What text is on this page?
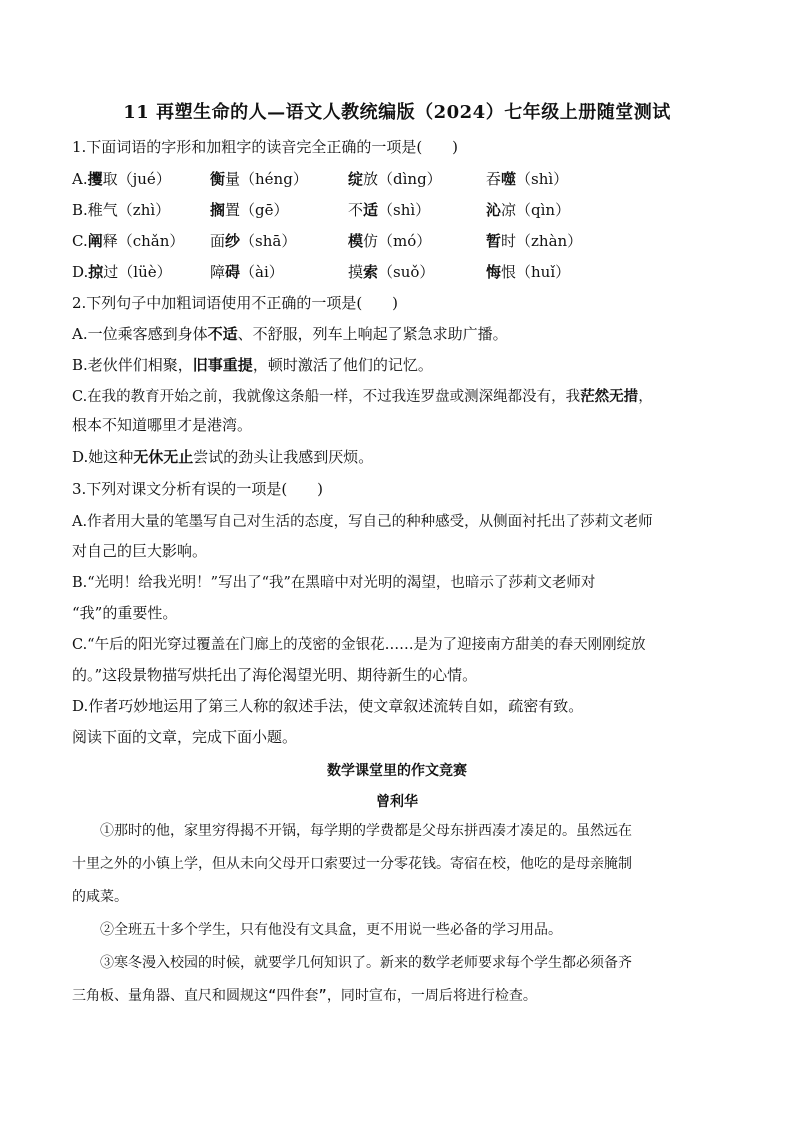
11 再塑生命的人—语文人教统编版（2024）七年级上册随堂测试
1.下面词语的字形和加粗字的读音完全正确的一项是(　　)
A.攫取（jué）	衡量（héng）	绽放（dìng）	吞噬（shì）
B.稚气（zhì）	搁置（gē）	不适（shì）	沁凉（qìn）
C.阐释（chǎn） 面纱（shā）	模仿（mó）	暂时（zhàn）
D.掠过（lüè）	障碍（ài）	摸索（suǒ）	悔恨（huǐ）
2.下列句子中加粗词语使用不正确的一项是(　　)
A.一位乘客感到身体不适、不舒服，列车上响起了紧急求助广播。
B.老伙伴们相聚，旧事重提，顿时激活了他们的记忆。
C.在我的教育开始之前，我就像这条船一样，不过我连罗盘或测深绳都没有，我茫然无措，
根本不知道哪里才是港湾。
D.她这种无休无止尝试的劲头让我感到厌烦。
3.下列对课文分析有误的一项是(　　)
A.作者用大量的笔墨写自己对生活的态度，写自己的种种感受，从侧面衬托出了莎莉文老师
对自己的巨大影响。
B.“光明！给我光明！”写出了“我”在黑暗中对光明的渴望，也暗示了莎莉文老师对
“我”的重要性。
C.“午后的阳光穿过覆盖在门廊上的茂密的金银花……是为了迎接南方甜美的春天刚刚绽放
的。”这段景物描写烘托出了海伦渴望光明、期待新生的心情。
D.作者巧妙地运用了第三人称的叙述手法，使文章叙述流转自如，疏密有致。
阅读下面的文章，完成下面小题。
数学课堂里的作文竞赛
曾利华
①那时的他，家里穷得揭不开锅，每学期的学费都是父母东拼西凑才凑足的。虽然远在
十里之外的小镇上学，但从未向父母开口索要过一分零花钱。寄宿在校，他吃的是母亲腌制
的咸菜。
②全班五十多个学生，只有他没有文具盒，更不用说一些必备的学习用品。
③寒冬漫入校园的时候，就要学几何知识了。新来的数学老师要求每个学生都必须备齐
三角板、量角器、直尺和圆规这“四件套”，同时宣布，一周后将进行检查。
